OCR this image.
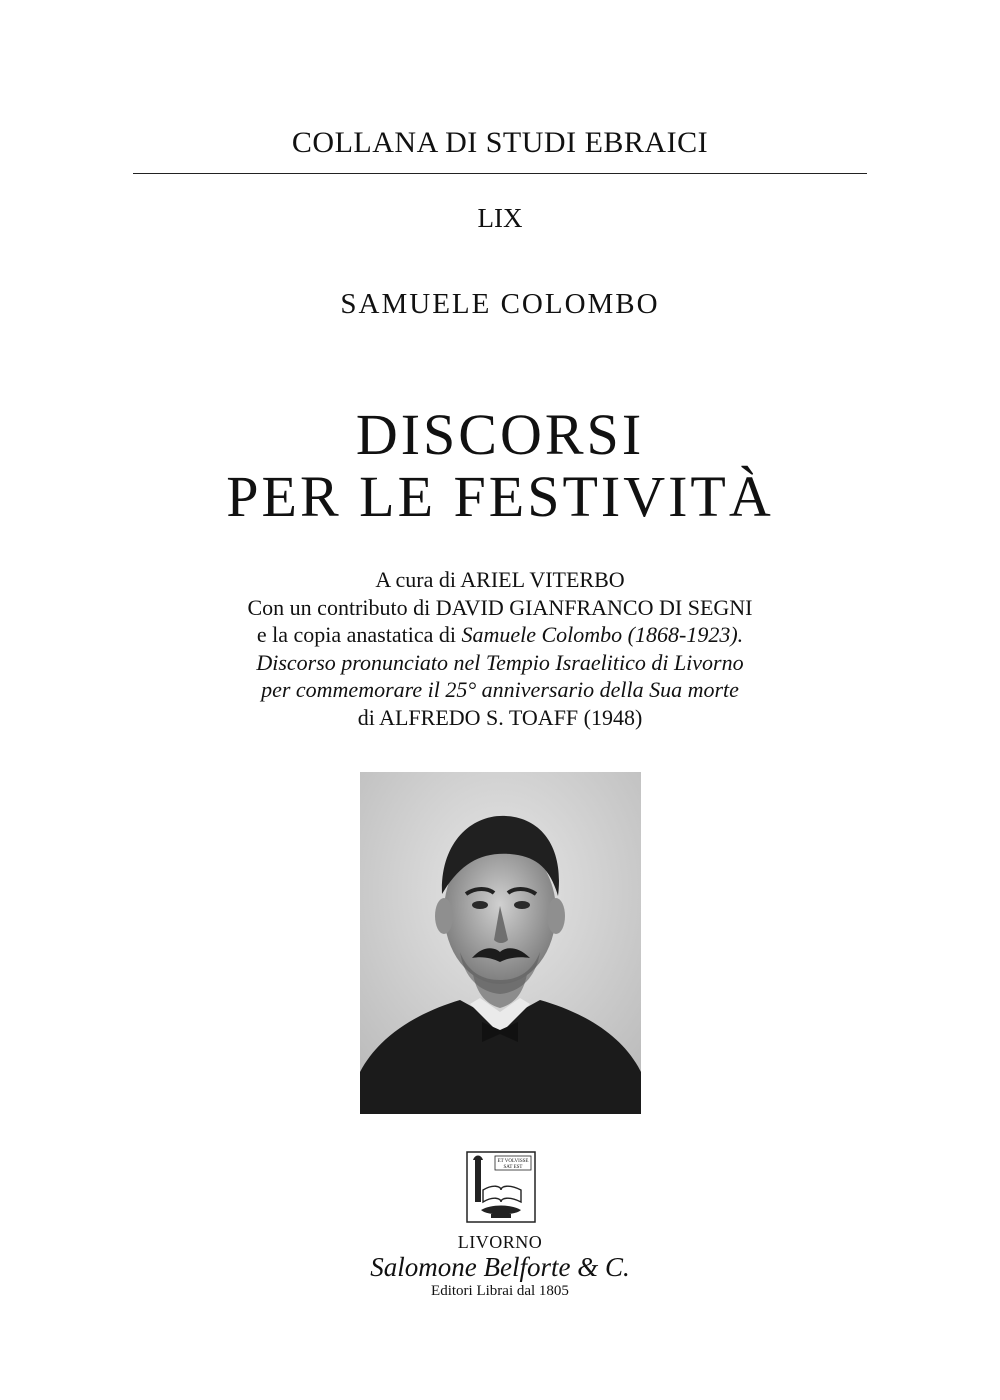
COLLANA DI STUDI EBRAICI
LIX
SAMUELE COLOMBO
DISCORSI
PER LE FESTIVITÀ
A cura di ARIEL VITERBO
Con un contributo di DAVID GIANFRANCO DI SEGNI
e la copia anastatica di Samuele Colombo (1868-1923).
Discorso pronunciato nel Tempio Israelitico di Livorno
per commemorare il 25° anniversario della Sua morte
di ALFREDO S. TOAFF (1948)
ET VOLVISSE
SAT EST
LIVORNO
Salomone Belforte & C.
Editori Librai dal 1805
